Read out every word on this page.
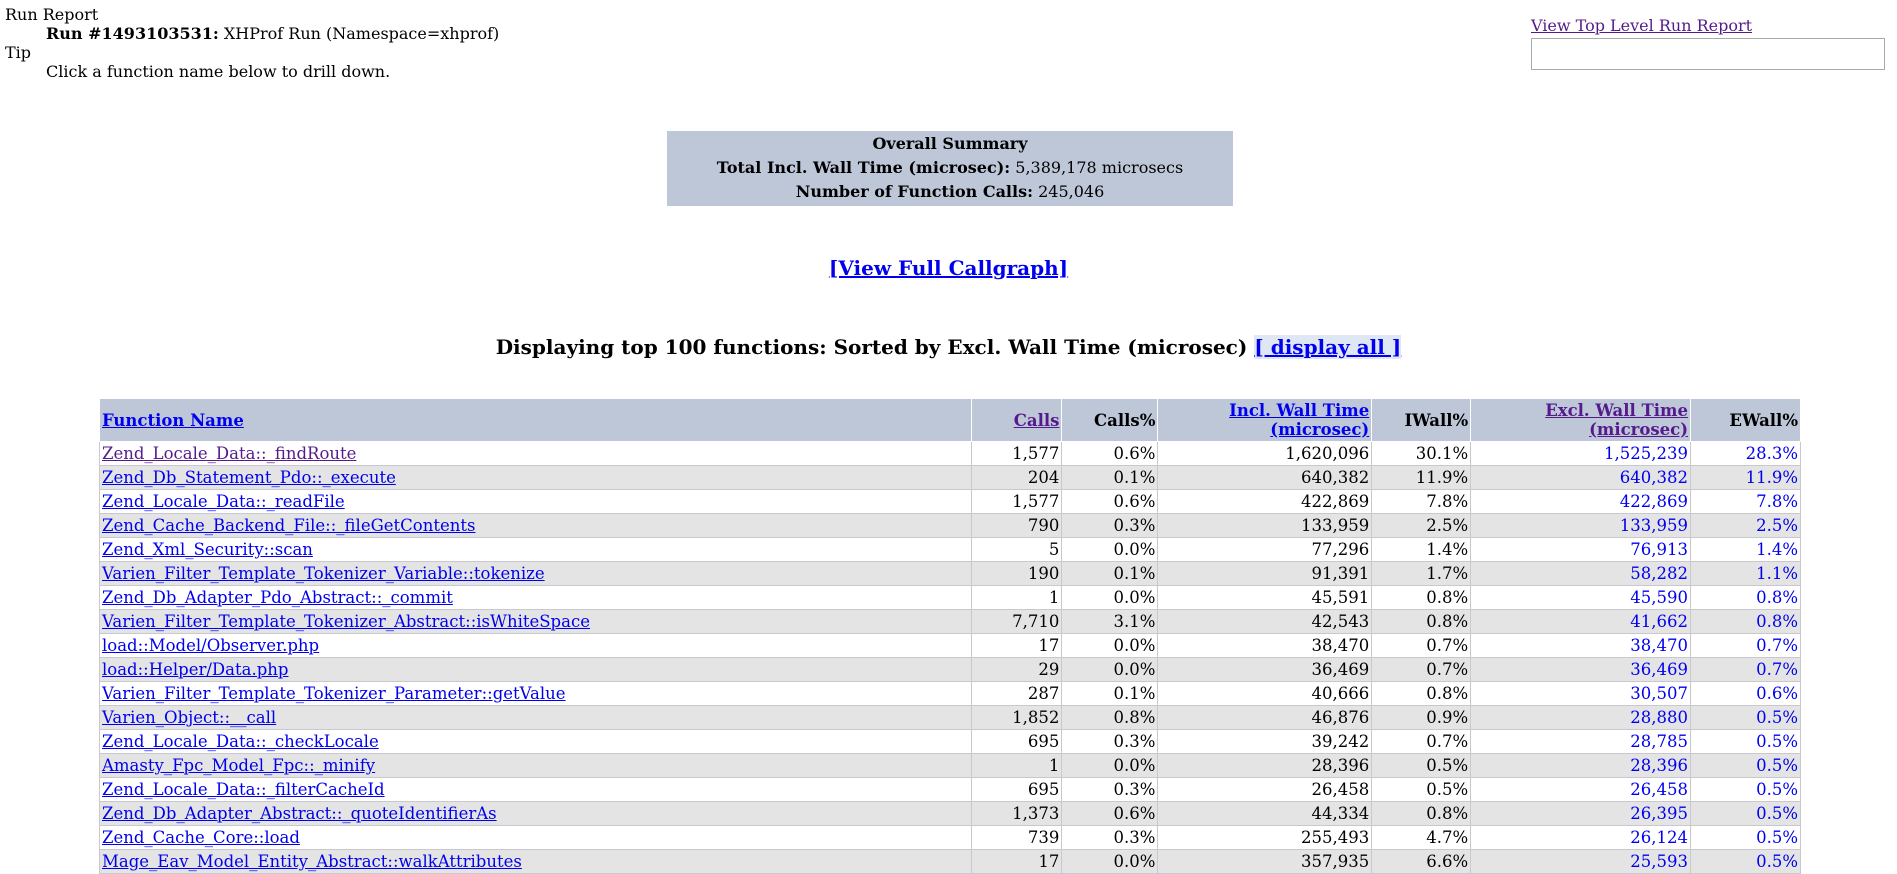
Run Report
Run #1493103531: XHProf Run (Namespace=xhprof)
Tip
Click a function name below to drill down.
View Top Level Run Report
Overall Summary
Total Incl. Wall Time (microsec): 5,389,178 microsecs
Number of Function Calls: 245,046
[View Full Callgraph]
Displaying top 100 functions: Sorted by Excl. Wall Time (microsec) [ display all ]
Function Name	Calls	Calls%	Incl. Wall Time (microsec)	IWall%	Excl. Wall Time (microsec)	EWall%
Zend_Locale_Data::_findRoute	1,577	0.6%	1,620,096	30.1%	1,525,239	28.3%
Zend_Db_Statement_Pdo::_execute	204	0.1%	640,382	11.9%	640,382	11.9%
Zend_Locale_Data::_readFile	1,577	0.6%	422,869	7.8%	422,869	7.8%
Zend_Cache_Backend_File::_fileGetContents	790	0.3%	133,959	2.5%	133,959	2.5%
Zend_Xml_Security::scan	5	0.0%	77,296	1.4%	76,913	1.4%
Varien_Filter_Template_Tokenizer_Variable::tokenize	190	0.1%	91,391	1.7%	58,282	1.1%
Zend_Db_Adapter_Pdo_Abstract::_commit	1	0.0%	45,591	0.8%	45,590	0.8%
Varien_Filter_Template_Tokenizer_Abstract::isWhiteSpace	7,710	3.1%	42,543	0.8%	41,662	0.8%
load::Model/Observer.php	17	0.0%	38,470	0.7%	38,470	0.7%
load::Helper/Data.php	29	0.0%	36,469	0.7%	36,469	0.7%
Varien_Filter_Template_Tokenizer_Parameter::getValue	287	0.1%	40,666	0.8%	30,507	0.6%
Varien_Object::__call	1,852	0.8%	46,876	0.9%	28,880	0.5%
Zend_Locale_Data::_checkLocale	695	0.3%	39,242	0.7%	28,785	0.5%
Amasty_Fpc_Model_Fpc::_minify	1	0.0%	28,396	0.5%	28,396	0.5%
Zend_Locale_Data::_filterCacheId	695	0.3%	26,458	0.5%	26,458	0.5%
Zend_Db_Adapter_Abstract::_quoteIdentifierAs	1,373	0.6%	44,334	0.8%	26,395	0.5%
Zend_Cache_Core::load	739	0.3%	255,493	4.7%	26,124	0.5%
Mage_Eav_Model_Entity_Abstract::walkAttributes	17	0.0%	357,935	6.6%	25,593	0.5%
